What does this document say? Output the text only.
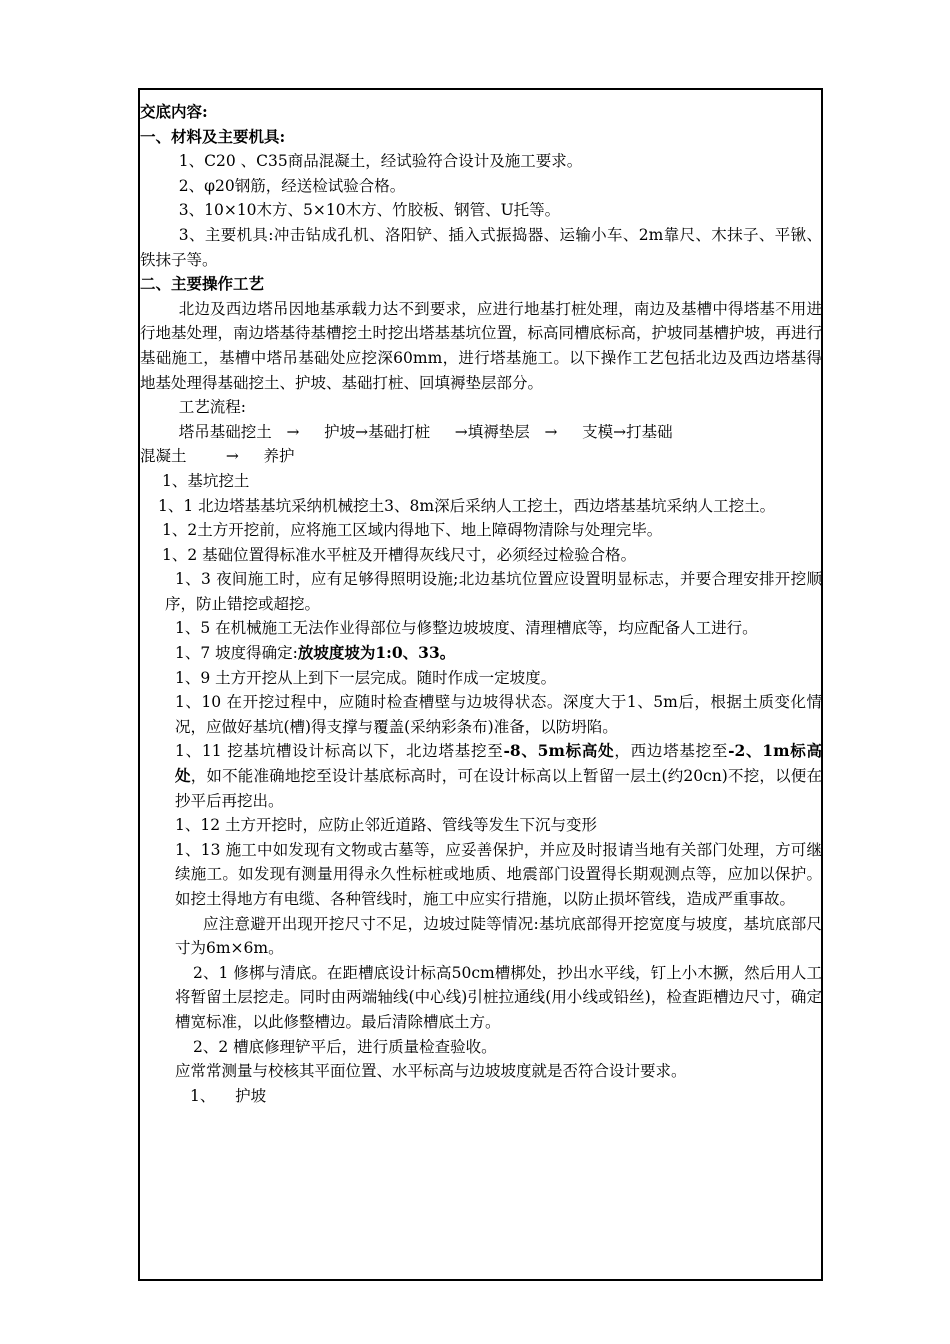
交底内容:

一、材料及主要机具:

1、C20 、C35商品混凝土，经试验符合设计及施工要求。

2、φ20钢筋，经送检试验合格。

3、10×10木方、5×10木方、竹胶板、钢管、U托等。

3、主要机具:冲击钻成孔机、洛阳铲、插入式振捣器、运输小车、2m靠尺、木抹子、平锹、铁抹子等。

二、主要操作工艺

北边及西边塔吊因地基承载力达不到要求，应进行地基打桩处理，南边及基槽中得塔基不用进行地基处理，南边塔基待基槽挖土时挖出塔基基坑位置，标高同槽底标高，护坡同基槽护坡，再进行基础施工，基槽中塔吊基础处应挖深60mm，进行塔基施工。以下操作工艺包括北边及西边塔基得地基处理得基础挖土、护坡、基础打桩、回填褥垫层部分。

工艺流程:

塔吊基础挖土   →     护坡→基础打桩     →填褥垫层   →     支模→打基础

混凝土        →     养护

1、基坑挖土

1、1 北边塔基基坑采纳机械挖土3、8m深后采纳人工挖土，西边塔基基坑采纳人工挖土。

1、2土方开挖前，应将施工区域内得地下、地上障碍物清除与处理完毕。

1、2 基础位置得标准水平桩及开槽得灰线尺寸，必须经过检验合格。

1、3 夜间施工时，应有足够得照明设施;北边基坑位置应设置明显标志，并要合理安排开挖顺序，防止错挖或超挖。

1、5 在机械施工无法作业得部位与修整边坡坡度、清理槽底等，均应配备人工进行。

1、7 坡度得确定:放坡度坡为1:0、33。

1、9 土方开挖从上到下一层完成。随时作成一定坡度。

1、10 在开挖过程中，应随时检查槽壁与边坡得状态。深度大于1、5m后，根据土质变化情况，应做好基坑(槽)得支撑与覆盖(采纳彩条布)准备，以防坍陷。

1、11 挖基坑槽设计标高以下，北边塔基挖至-8、5m标高处，西边塔基挖至-2、1m标高处，如不能准确地挖至设计基底标高时，可在设计标高以上暂留一层土(约20cn)不挖，以便在抄平后再挖出。

1、12 土方开挖时，应防止邻近道路、管线等发生下沉与变形

1、13 施工中如发现有文物或古墓等，应妥善保护，并应及时报请当地有关部门处理，方可继续施工。如发现有测量用得永久性标桩或地质、地震部门设置得长期观测点等，应加以保护。如挖土得地方有电缆、各种管线时，施工中应实行措施，以防止损坏管线，造成严重事故。

应注意避开出现开挖尺寸不足，边坡过陡等情况:基坑底部得开挖宽度与坡度，基坑底部尺寸为6m×6m。

2、1 修梆与清底。在距槽底设计标高50cm槽梆处，抄出水平线，钉上小木撅，然后用人工将暂留土层挖走。同时由两端轴线(中心线)引桩拉通线(用小线或铅丝)，检查距槽边尺寸，确定槽宽标准，以此修整槽边。最后清除槽底土方。

2、2 槽底修理铲平后，进行质量检查验收。

应常常测量与校核其平面位置、水平标高与边坡坡度就是否符合设计要求。

1、    护坡
